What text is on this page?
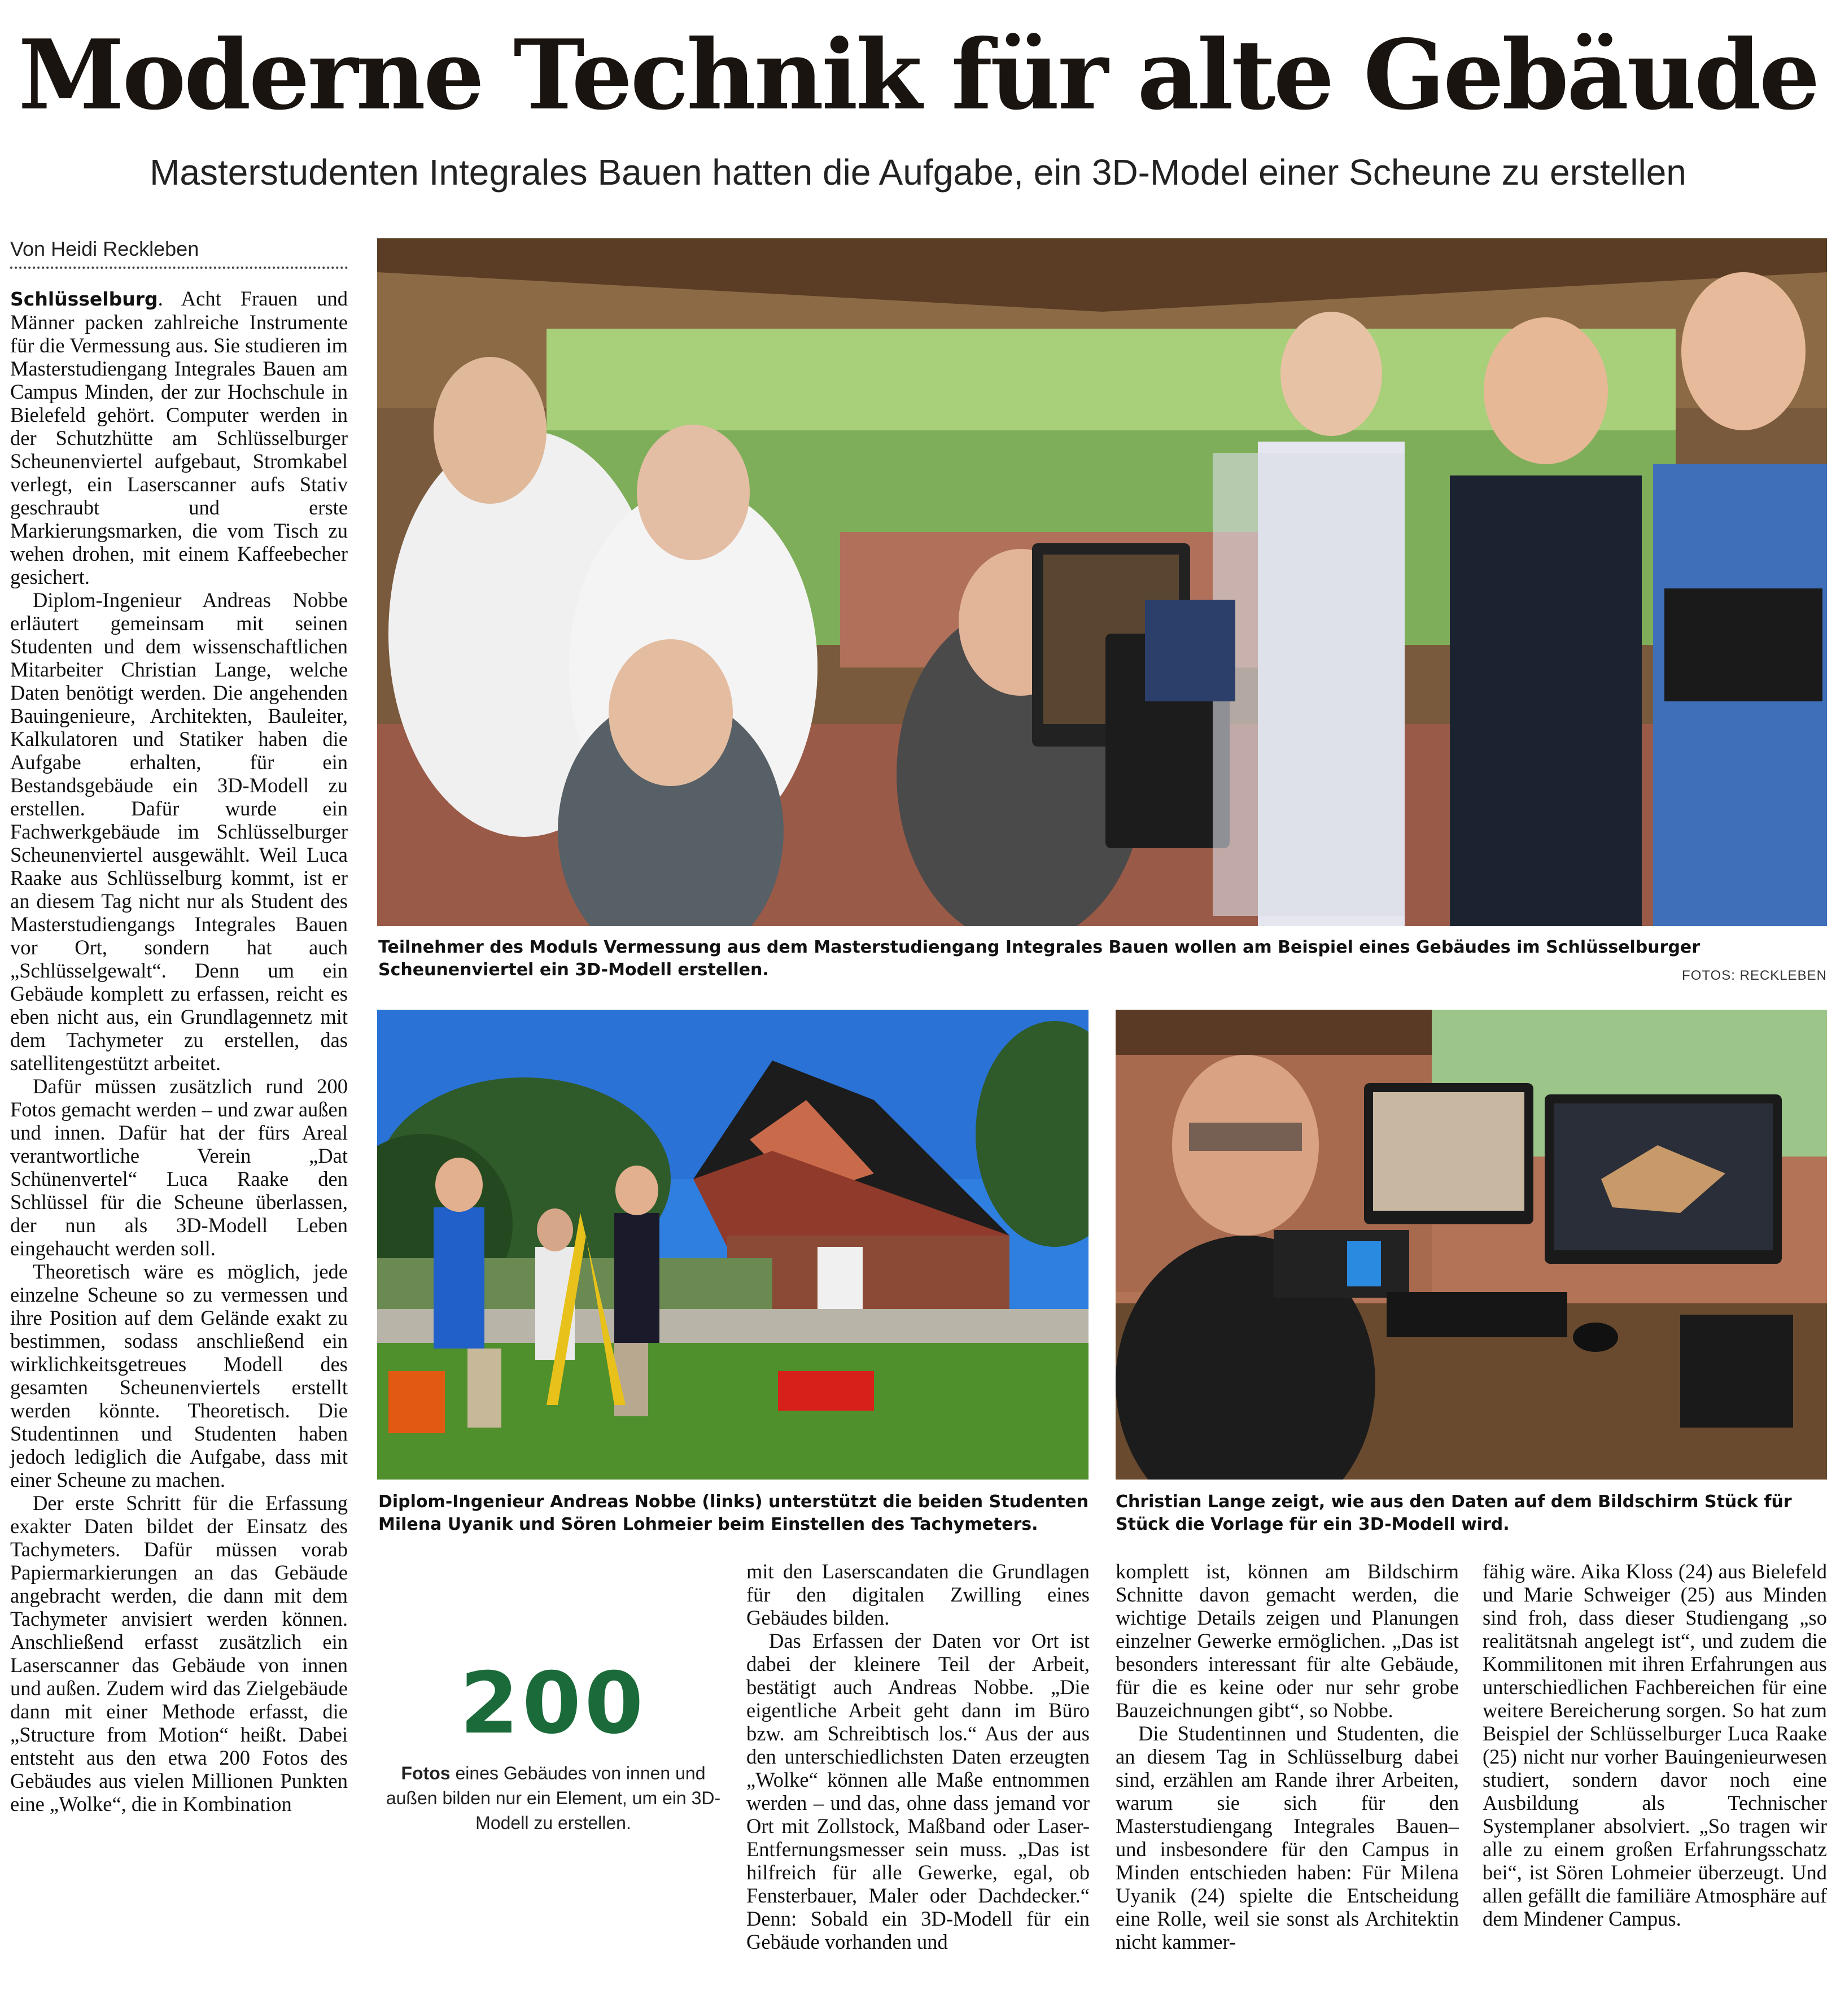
Moderne Technik für alte Gebäude
Masterstudenten Integrales Bauen hatten die Aufgabe, ein 3D-Model einer Scheune zu erstellen
Von Heidi Reckleben

Schlüsselburg. Acht Frauen und Männer packen zahlreiche Instrumente für die Vermessung aus. Sie studieren im Masterstudiengang Integrales Bauen am Campus Minden, der zur Hochschule in Bielefeld gehört. Computer werden in der Schutzhütte am Schlüsselburger Scheunenviertel aufgebaut, Stromkabel verlegt, ein Laserscanner aufs Stativ geschraubt und erste Markierungsmarken, die vom Tisch zu wehen drohen, mit einem Kaffeebecher gesichert.

Diplom-Ingenieur Andreas Nobbe erläutert gemeinsam mit seinen Studenten und dem wissenschaftlichen Mitarbeiter Christian Lange, welche Daten benötigt werden. Die angehenden Bauingenieure, Architekten, Bauleiter, Kalkulatoren und Statiker haben die Aufgabe erhalten, für ein Bestandsgebäude ein 3D-Modell zu erstellen. Dafür wurde ein Fachwerkgebäude im Schlüsselburger Scheunenviertel ausgewählt. Weil Luca Raake aus Schlüsselburg kommt, ist er an diesem Tag nicht nur als Student des Masterstudiengangs Integrales Bauen vor Ort, sondern hat auch „Schlüsselgewalt“. Denn um ein Gebäude komplett zu erfassen, reicht es eben nicht aus, ein Grundlagennetz mit dem Tachymeter zu erstellen, das satellitengestützt arbeitet.

Dafür müssen zusätzlich rund 200 Fotos gemacht werden – und zwar außen und innen. Dafür hat der fürs Areal verantwortliche Verein „Dat Schünenvertel“ Luca Raake den Schlüssel für die Scheune überlassen, der nun als 3D-Modell Leben eingehaucht werden soll.

Theoretisch wäre es möglich, jede einzelne Scheune so zu vermessen und ihre Position auf dem Gelände exakt zu bestimmen, sodass anschließend ein wirklichkeitsgetreues Modell des gesamten Scheunenviertels erstellt werden könnte. Theoretisch. Die Studentinnen und Studenten haben jedoch lediglich die Aufgabe, dass mit einer Scheune zu machen.

Der erste Schritt für die Erfassung exakter Daten bildet der Einsatz des Tachymeters. Dafür müssen vorab Papiermarkierungen an das Gebäude angebracht werden, die dann mit dem Tachymeter anvisiert werden können. Anschließend erfasst zusätzlich ein Laserscanner das Gebäude von innen und außen. Zudem wird das Zielgebäude dann mit einer Methode erfasst, die „Structure from Motion“ heißt. Dabei entsteht aus den etwa 200 Fotos des Gebäudes aus vielen Millionen Punkten eine „Wolke“, die in Kombination

Teilnehmer des Moduls Vermessung aus dem Masterstudiengang Integrales Bauen wollen am Beispiel eines Gebäudes im Schlüsselburger Scheunenviertel ein 3D-Modell erstellen.	FOTOS: RECKLEBEN
Diplom-Ingenieur Andreas Nobbe (links) unterstützt die beiden Studenten Milena Uyanik und Sören Lohmeier beim Einstellen des Tachymeters.
Christian Lange zeigt, wie aus den Daten auf dem Bildschirm Stück für Stück die Vorlage für ein 3D-Modell wird.
200
Fotos eines Gebäudes von innen und außen bilden nur ein Element, um ein 3D-Modell zu erstellen.

mit den Laserscandaten die Grundlagen für den digitalen Zwilling eines Gebäudes bilden.

Das Erfassen der Daten vor Ort ist dabei der kleinere Teil der Arbeit, bestätigt auch Andreas Nobbe. „Die eigentliche Arbeit geht dann im Büro bzw. am Schreibtisch los.“ Aus der aus den unterschiedlichsten Daten erzeugten „Wolke“ können alle Maße entnommen werden – und das, ohne dass jemand vor Ort mit Zollstock, Maßband oder Laser-Entfernungsmesser sein muss. „Das ist hilfreich für alle Gewerke, egal, ob Fensterbauer, Maler oder Dachdecker.“ Denn: Sobald ein 3D-Modell für ein Gebäude vorhanden und

komplett ist, können am Bildschirm Schnitte davon gemacht werden, die wichtige Details zeigen und Planungen einzelner Gewerke ermöglichen. „Das ist besonders interessant für alte Gebäude, für die es keine oder nur sehr grobe Bauzeichnungen gibt“, so Nobbe.

Die Studentinnen und Studenten, die an diesem Tag in Schlüsselburg dabei sind, erzählen am Rande ihrer Arbeiten, warum sie sich für den Masterstudiengang Integrales Bauen– und insbesondere für den Campus in Minden entschieden haben: Für Milena Uyanik (24) spielte die Entscheidung eine Rolle, weil sie sonst als Architektin nicht kammer-

fähig wäre. Aika Kloss (24) aus Bielefeld und Marie Schweiger (25) aus Minden sind froh, dass dieser Studiengang „so realitätsnah angelegt ist“, und zudem die Kommilitonen mit ihren Erfahrungen aus unterschiedlichen Fachbereichen für eine weitere Bereicherung sorgen. So hat zum Beispiel der Schlüsselburger Luca Raake (25) nicht nur vorher Bauingenieurwesen studiert, sondern davor noch eine Ausbildung als Technischer Systemplaner absolviert. „So tragen wir alle zu einem großen Erfahrungsschatz bei“, ist Sören Lohmeier überzeugt. Und allen gefällt die familiäre Atmosphäre auf dem Mindener Campus.
